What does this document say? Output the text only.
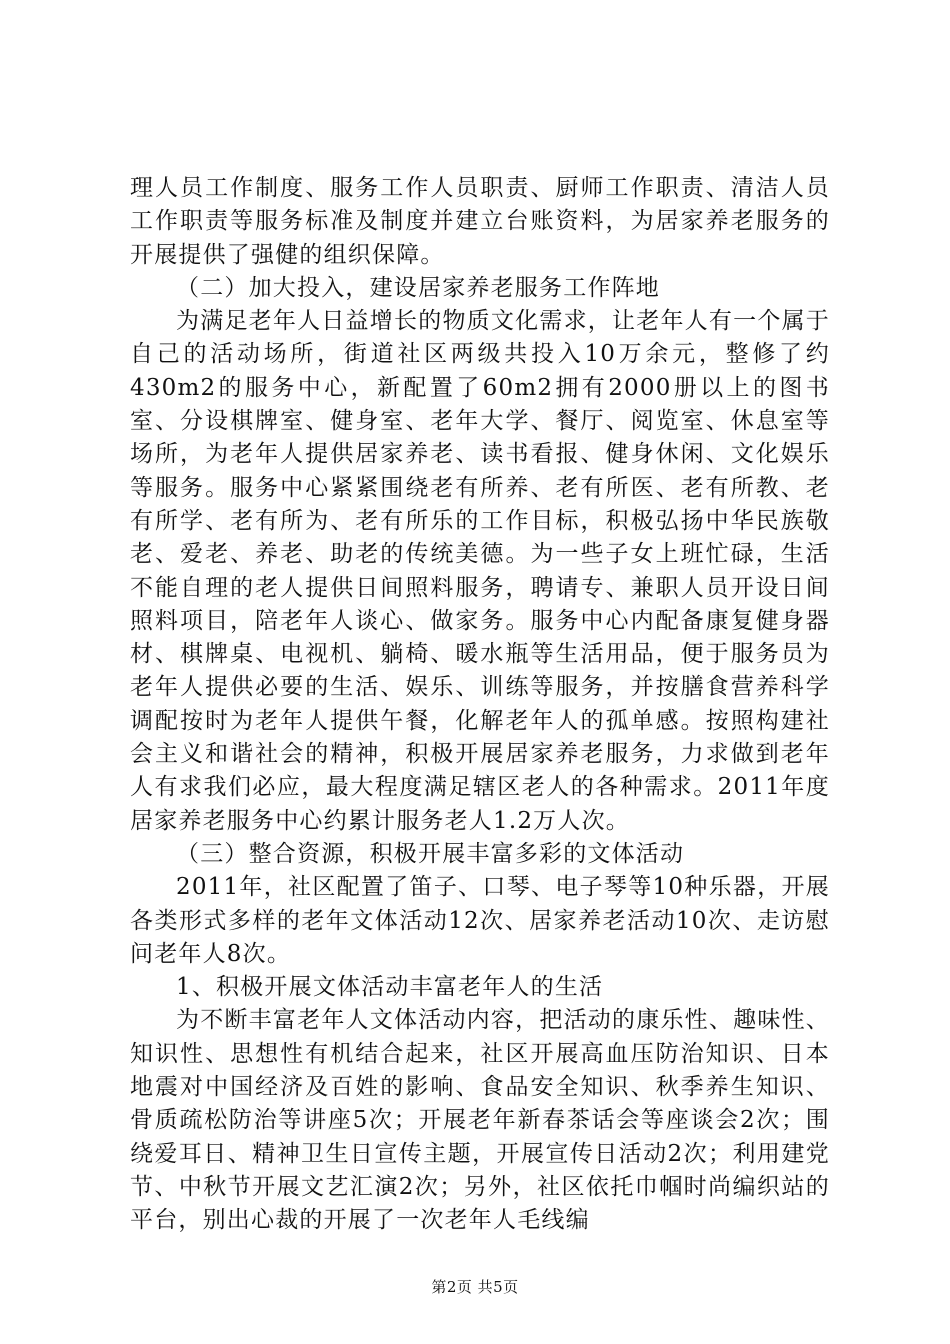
理人员工作制度、服务工作人员职责、厨师工作职责、清洁人员工作职责等服务标准及制度并建立台账资料，为居家养老服务的开展提供了强健的组织保障。

（二）加大投入，建设居家养老服务工作阵地

为满足老年人日益增长的物质文化需求，让老年人有一个属于自己的活动场所，街道社区两级共投入10万余元，整修了约430m2的服务中心，新配置了60m2拥有2000册以上的图书室、分设棋牌室、健身室、老年大学、餐厅、阅览室、休息室等场所，为老年人提供居家养老、读书看报、健身休闲、文化娱乐等服务。服务中心紧紧围绕老有所养、老有所医、老有所教、老有所学、老有所为、老有所乐的工作目标，积极弘扬中华民族敬老、爱老、养老、助老的传统美德。为一些子女上班忙碌，生活不能自理的老人提供日间照料服务，聘请专、兼职人员开设日间照料项目，陪老年人谈心、做家务。服务中心内配备康复健身器材、棋牌桌、电视机、躺椅、暖水瓶等生活用品，便于服务员为老年人提供必要的生活、娱乐、训练等服务，并按膳食营养科学调配按时为老年人提供午餐，化解老年人的孤单感。按照构建社会主义和谐社会的精神，积极开展居家养老服务，力求做到老年人有求我们必应，最大程度满足辖区老人的各种需求。2011年度居家养老服务中心约累计服务老人1.2万人次。

（三）整合资源，积极开展丰富多彩的文体活动

2011年，社区配置了笛子、口琴、电子琴等10种乐器，开展各类形式多样的老年文体活动12次、居家养老活动10次、走访慰问老年人8次。

1、积极开展文体活动丰富老年人的生活

为不断丰富老年人文体活动内容，把活动的康乐性、趣味性、知识性、思想性有机结合起来，社区开展高血压防治知识、日本地震对中国经济及百姓的影响、食品安全知识、秋季养生知识、骨质疏松防治等讲座5次；开展老年新春茶话会等座谈会2次；围绕爱耳日、精神卫生日宣传主题，开展宣传日活动2次；利用建党节、中秋节开展文艺汇演2次；另外，社区依托巾帼时尚编织站的平台，别出心裁的开展了一次老年人毛线编

第2页 共5页
